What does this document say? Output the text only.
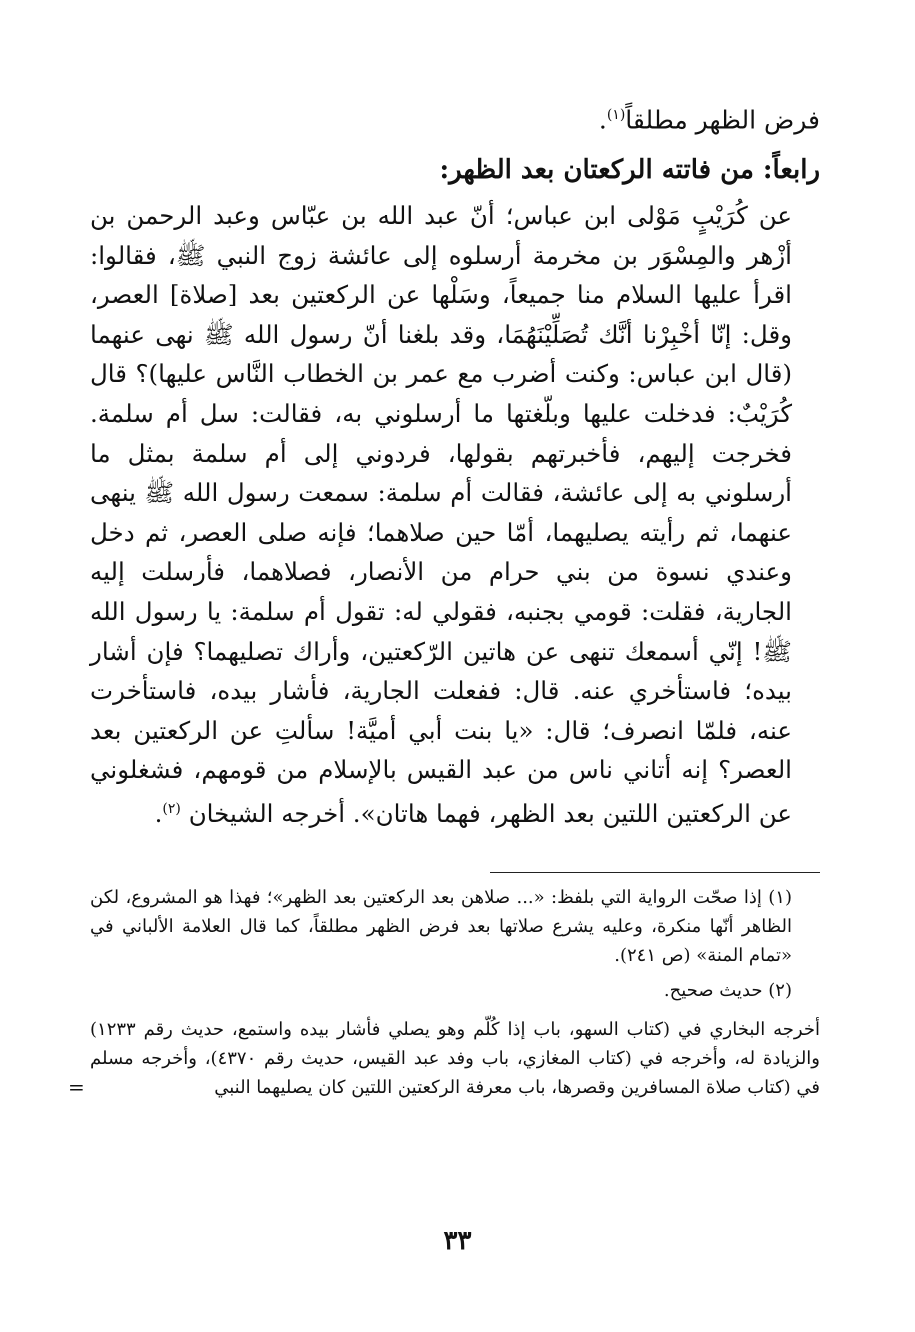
فرض الظهر مطلقاً$^{(١)}$.

رابعاً: من فاتته الركعتان بعد الظهر:

عن كُرَيْبٍ مَوْلى ابن عباس؛ أنّ عبد الله بن عبّاس وعبد الرحمن بن أزْهر والمِسْوَر بن مخرمة أرسلوه إلى عائشة زوج النبي ﷺ، فقالوا: اقرأ عليها السلام منا جميعاً، وسَلْها عن الركعتين بعد [صلاة] العصر، وقل: إنّا أخْبِرْنا أنَّك تُصَلِّيْنَهُمَا، وقد بلغنا أنّ رسول الله ﷺ نهى عنهما (قال ابن عباس: وكنت أضرب مع عمر بن الخطاب النَّاس عليها)؟ قال كُرَيْبٌ: فدخلت عليها وبلّغتها ما أرسلوني به، فقالت: سل أم سلمة. فخرجت إليهم، فأخبرتهم بقولها، فردوني إلى أم سلمة بمثل ما أرسلوني به إلى عائشة، فقالت أم سلمة: سمعت رسول الله ﷺ ينهى عنهما، ثم رأيته يصليهما، أمّا حين صلاهما؛ فإنه صلى العصر، ثم دخل وعندي نسوة من بني حرام من الأنصار، فصلاهما، فأرسلت إليه الجارية، فقلت: قومي بجنبه، فقولي له: تقول أم سلمة: يا رسول الله ﷺ! إنّي أسمعك تنهى عن هاتين الرّكعتين، وأراك تصليهما؟ فإن أشار بيده؛ فاستأخري عنه. قال: ففعلت الجارية، فأشار بيده، فاستأخرت عنه، فلمّا انصرف؛ قال: «يا بنت أبي أميَّة! سألتِ عن الركعتين بعد العصر؟ إنه أتاني ناس من عبد القيس بالإسلام من قومهم، فشغلوني عن الركعتين اللتين بعد الظهر، فهما هاتان». أخرجه الشيخان $^{(٢)}$.

(١) إذا صحّت الرواية التي بلفظ: «... صلاهن بعد الركعتين بعد الظهر»؛ فهذا هو المشروع، لكن الظاهر أنّها منكرة، وعليه يشرع صلاتها بعد فرض الظهر مطلقاً، كما قال العلامة الألباني في «تمام المنة» (ص ٢٤١).

(٢) حديث صحيح.

أخرجه البخاري في (كتاب السهو، باب إذا كُلّم وهو يصلي فأشار بيده واستمع، حديث رقم ١٢٣٣) والزيادة له، وأخرجه في (كتاب المغازي، باب وفد عبد القيس، حديث رقم ٤٣٧٠)، وأخرجه مسلم في (كتاب صلاة المسافرين وقصرها، باب معرفة الركعتين اللتين كان يصليهما النبي
=

٣٣
